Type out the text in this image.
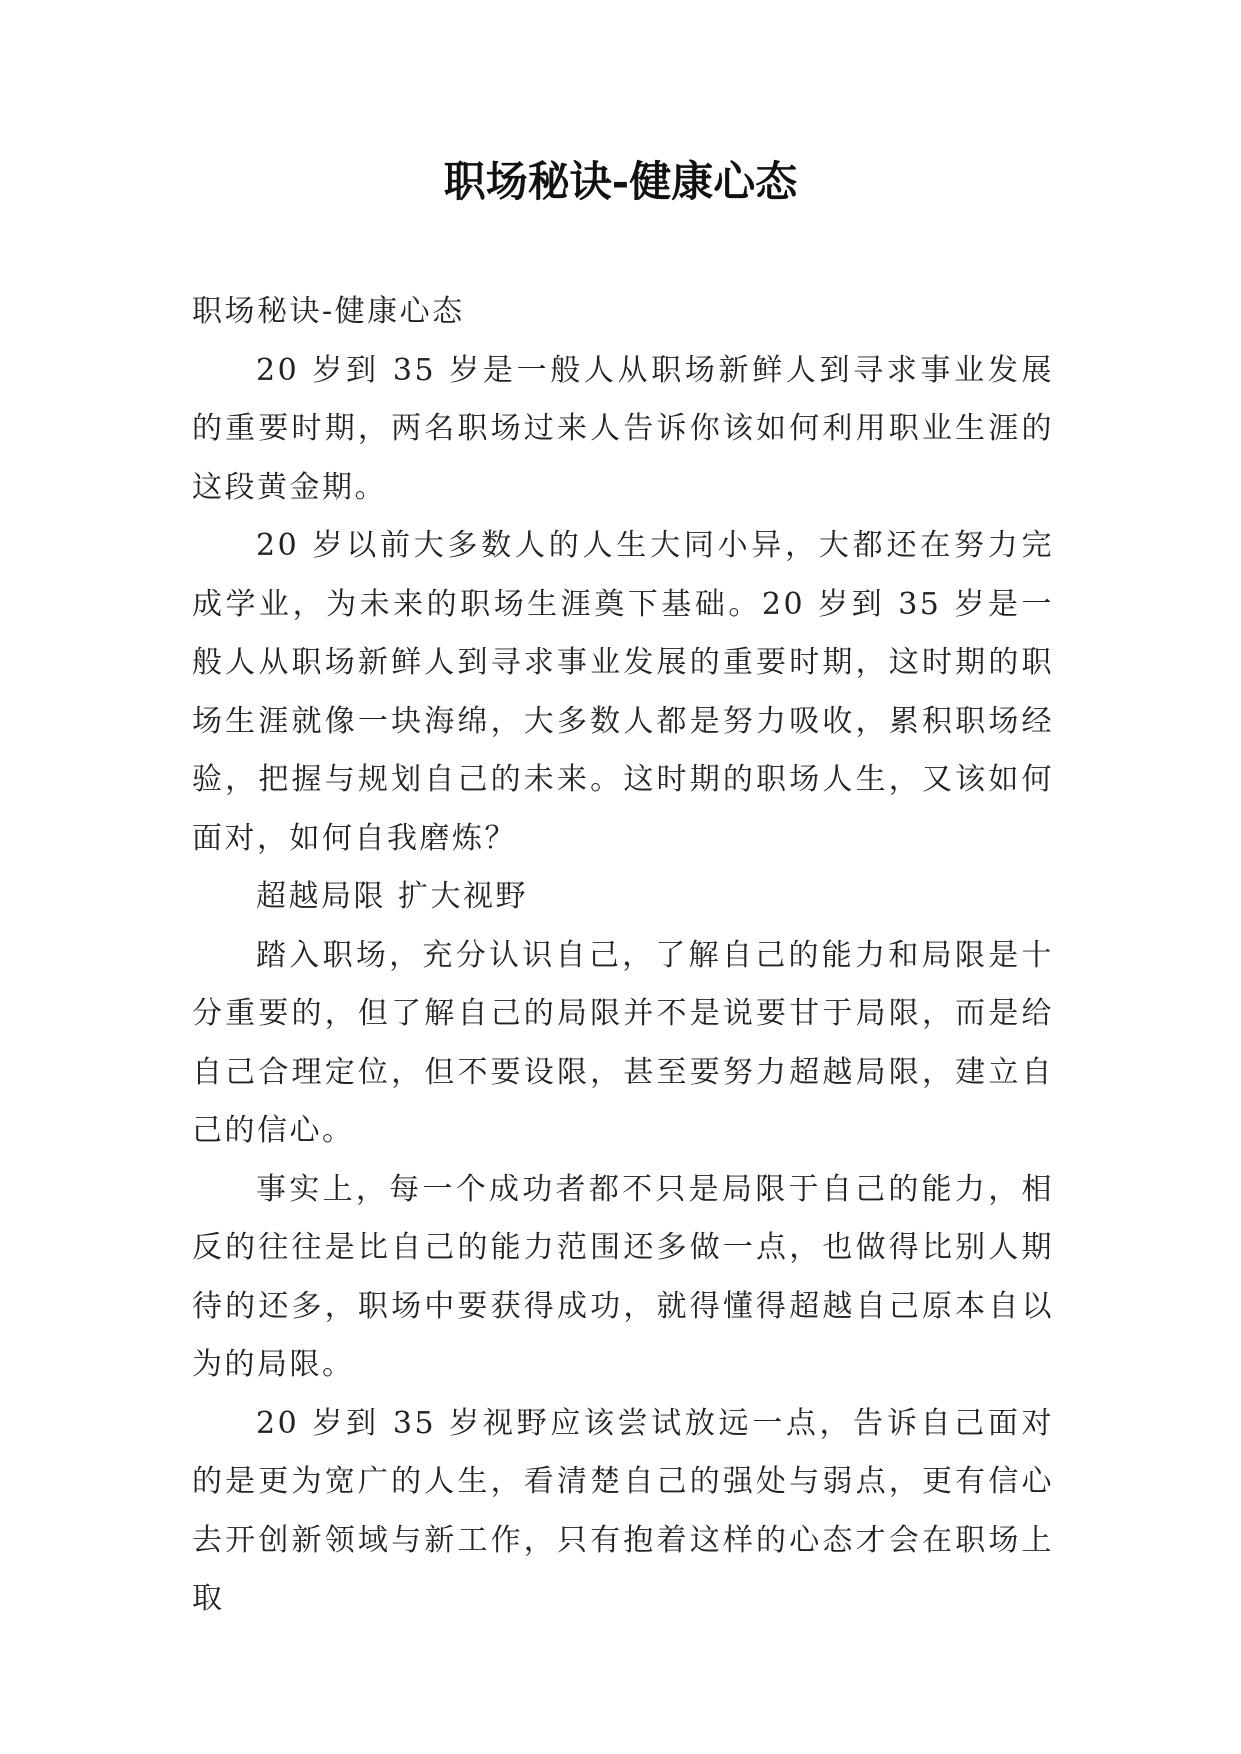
职场秘诀-健康心态

职场秘诀-健康心态

20 岁到 35 岁是一般人从职场新鲜人到寻求事业发展的重要时期，两名职场过来人告诉你该如何利用职业生涯的这段黄金期。

20 岁以前大多数人的人生大同小异，大都还在努力完成学业，为未来的职场生涯奠下基础。20 岁到 35 岁是一般人从职场新鲜人到寻求事业发展的重要时期，这时期的职场生涯就像一块海绵，大多数人都是努力吸收，累积职场经验，把握与规划自己的未来。这时期的职场人生，又该如何面对，如何自我磨炼？

超越局限 扩大视野

踏入职场，充分认识自己，了解自己的能力和局限是十分重要的，但了解自己的局限并不是说要甘于局限，而是给自己合理定位，但不要设限，甚至要努力超越局限，建立自己的信心。

事实上，每一个成功者都不只是局限于自己的能力，相反的往往是比自己的能力范围还多做一点，也做得比别人期待的还多，职场中要获得成功，就得懂得超越自己原本自以为的局限。

20 岁到 35 岁视野应该尝试放远一点，告诉自己面对的是更为宽广的人生，看清楚自己的强处与弱点，更有信心去开创新领域与新工作，只有抱着这样的心态才会在职场上取
